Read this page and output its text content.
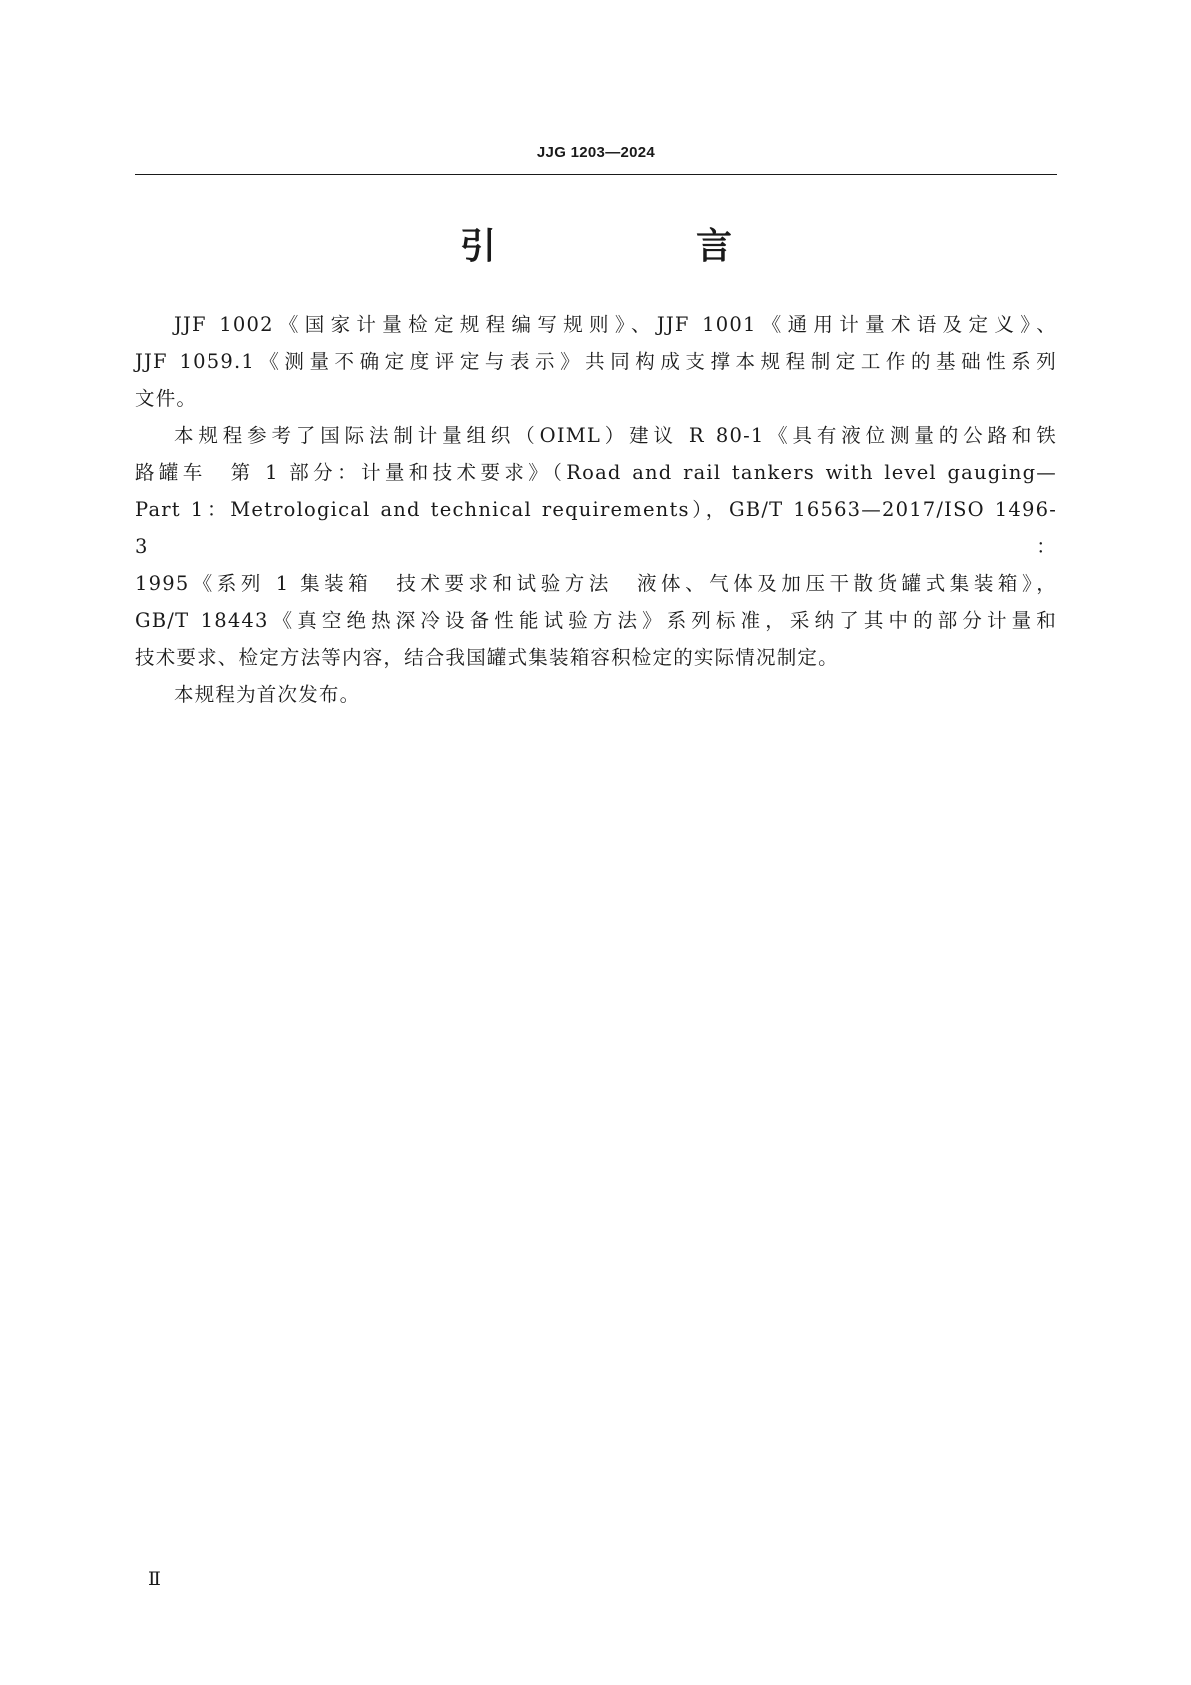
JJG 1203—2024
引　言

JJF 1002《国家计量检定规程编写规则》、JJF 1001《通用计量术语及定义》、
JJF 1059.1《测量不确定度评定与表示》共同构成支撑本规程制定工作的基础性系列
文件。

本规程参考了国际法制计量组织（OIML）建议 R 80-1《具有液位测量的公路和铁
路罐车　第 1 部分：计量和技术要求》（Road and rail tankers with level gauging—
Part 1：Metrological and technical requirements），GB/T 16563—2017/ISO 1496-3：
1995《系列 1 集装箱　技术要求和试验方法　液体、气体及加压干散货罐式集装箱》，
GB/T 18443《真空绝热深冷设备性能试验方法》系列标准，采纳了其中的部分计量和
技术要求、检定方法等内容，结合我国罐式集装箱容积检定的实际情况制定。

本规程为首次发布。

Ⅱ
